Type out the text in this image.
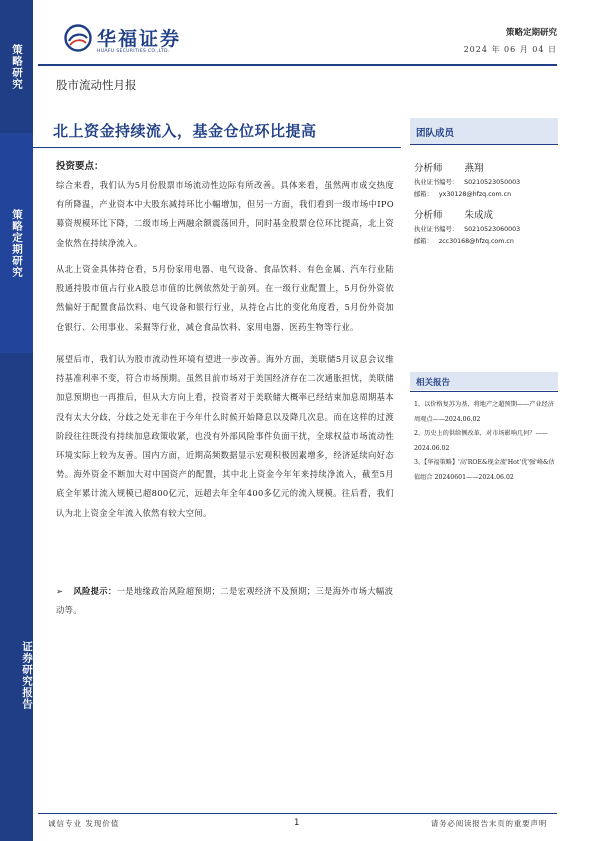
策略研究
策略定期研究
证券研究报告
华福证券
HUAFU SECURITIES CO.,LTD.
策略定期研究
2024 年 06 月 04 日
股市流动性月报
北上资金持续流入，基金仓位环比提高	团队成员
分析师 燕翔
执业证书编号： S0210523050003
邮箱： yx30128@hfzq.com.cn
分析师 朱成成
执业证书编号： S0210523060003
邮箱： zcc30168@hfzq.com.cn
相关报告
1、以价格复苏为基，将地产之超预期——产业经济周观点——2024.06.02
2、历史上的供给侧改革，对市场影响几何？——2024.06.02
3、【华福策略】'高'ROE&现金流'Hot'优'强'峰&估值组合 20240601——2024.06.02
投资要点：
综合来看，我们认为5月份股票市场流动性边际有所改善。具体来看，虽然两市成交热度有所降温，产业资本中大股东减持环比小幅增加，但另一方面，我们看到一级市场中IPO募资规模环比下降，二级市场上两融余额震荡回升，同时基金股票仓位环比提高，北上资金依然在持续净流入。
从北上资金具体持仓看，5月份家用电器、电气设备、食品饮料、有色金属、汽车行业陆股通持股市值占行业A股总市值的比例依然处于前列。在一级行业配置上，5月份外资依然偏好于配置食品饮料、电气设备和银行行业，从持仓占比的变化角度看，5月份外资加仓银行、公用事业、采掘等行业，减仓食品饮料、家用电器、医药生物等行业。
展望后市，我们认为股市流动性环境有望进一步改善。海外方面，美联储5月议息会议维持基准利率不变，符合市场预期。虽然目前市场对于美国经济存在二次通胀担忧，美联储加息预期也一再推后，但从大方向上看，投资者对于美联储大概率已经结束加息周期基本没有太大分歧，分歧之处无非在于今年什么时候开始降息以及降几次息。而在这样的过渡阶段往往既没有持续加息政策收紧，也没有外部风险事件负面干扰，全球权益市场流动性环境实际上较为友善。国内方面，近期高频数据显示宏观积极因素增多，经济延续向好态势。海外资金不断加大对中国资产的配置，其中北上资金今年年来持续净流入，截至5月底全年累计流入规模已超800亿元，远超去年全年400多亿元的流入规模。往后看，我们认为北上资金全年流入依然有较大空间。
➢ 风险提示：一是地缘政治风险超预期；二是宏观经济不及预期；三是海外市场大幅波动等。
诚信专业 发现价值	1	请务必阅读报告末页的重要声明
